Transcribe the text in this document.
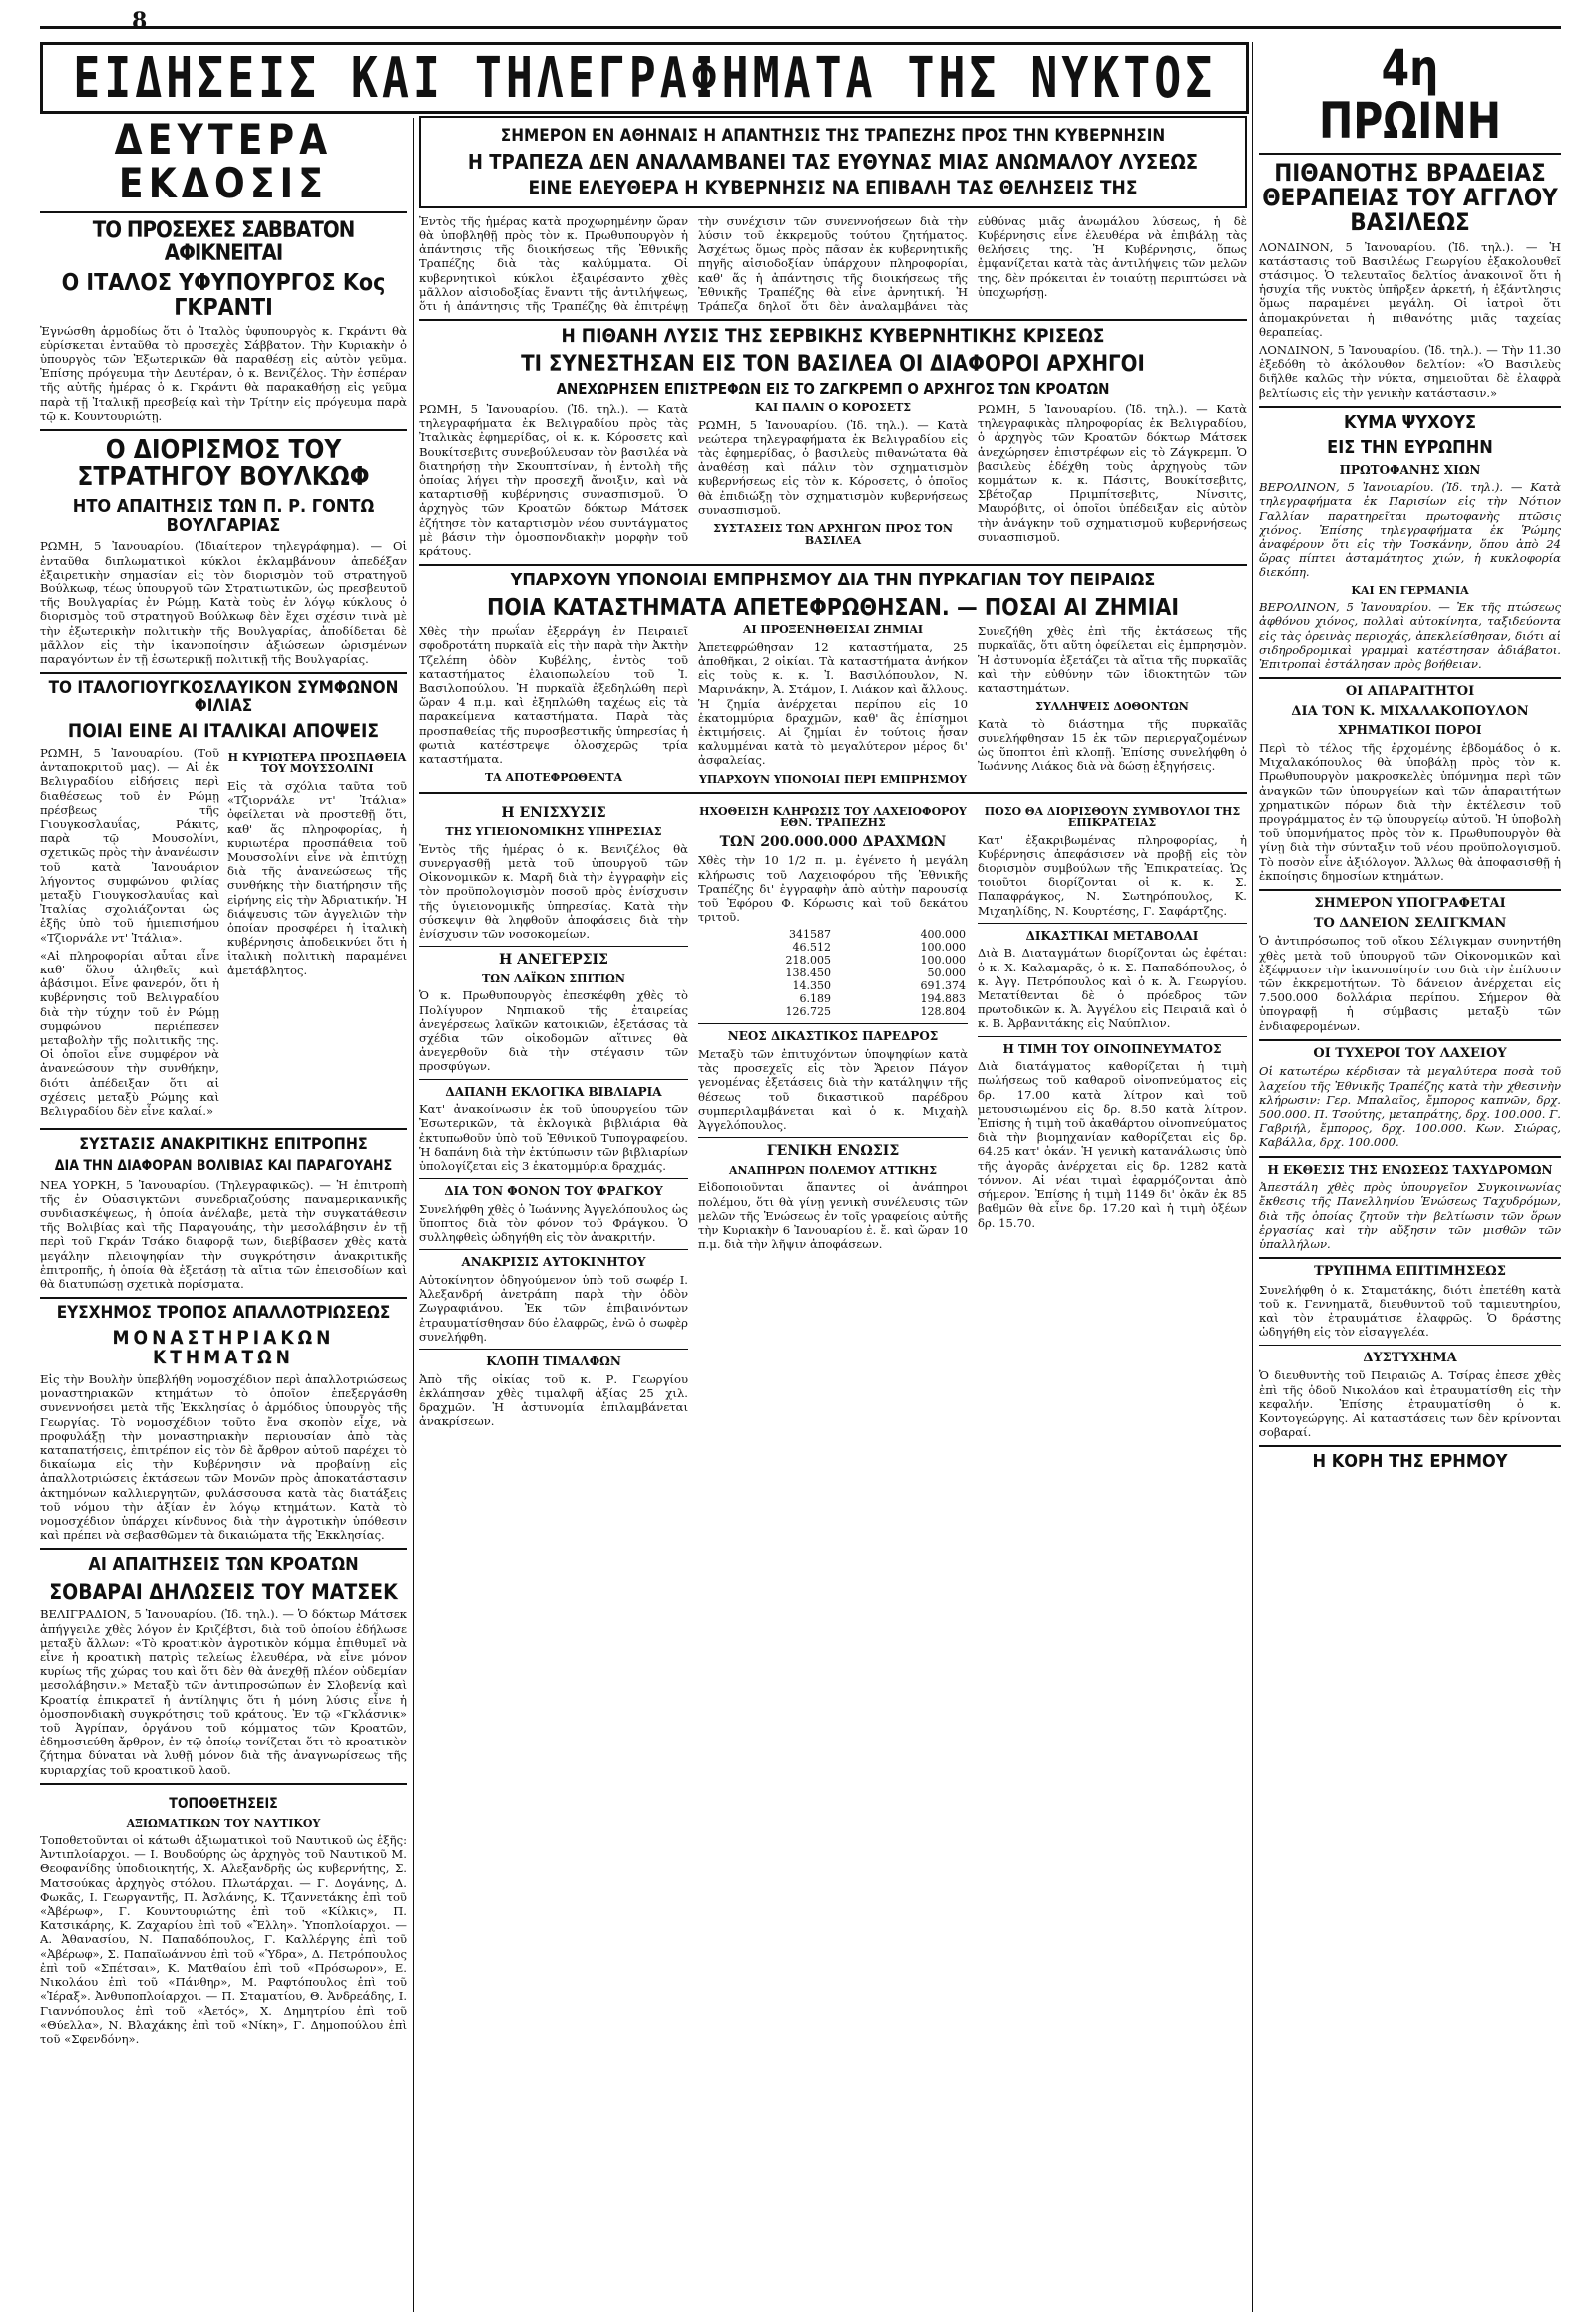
8
ΕΙΔΗΣΕΙΣ ΚΑΙ ΤΗΛΕΓΡΑΦΗΜΑΤΑ ΤΗΣ ΝΥΚΤΟΣ
ΔΕΥΤΕΡΑ ΕΚΔΟΣΙΣ
ΤΟ ΠΡΟΣΕΧΕΣ ΣΑΒΒΑΤΟΝ ΑΦΙΚΝΕΙΤΑΙ
Ο ΙΤΑΛΟΣ ΥΦΥΠΟΥΡΓΟΣ Κος ΓΚΡΑΝΤΙ

Ἐγνώσθη ἁρμοδίως ὅτι ὁ Ἰταλὸς ὑφυπουργὸς κ. Γκράντι θὰ εὑρίσκεται ἐνταῦθα τὸ προσεχὲς Σάββατον. Τὴν Κυριακὴν ὁ ὑπουργὸς τῶν Ἐξωτερικῶν θὰ παραθέσῃ εἰς αὐτὸν γεῦμα. Ἐπίσης πρόγευμα τὴν Δευτέραν, ὁ κ. Βενιζέλος. Τὴν ἑσπέραν τῆς αὐτῆς ἡμέρας ὁ κ. Γκράντι θὰ παρακαθήσῃ εἰς γεῦμα παρὰ τῇ Ἰταλικῇ πρεσβείᾳ καὶ τὴν Τρίτην εἰς πρόγευμα παρὰ τῷ κ. Κουντουριώτῃ.

Ο ΔΙΟΡΙΣΜΟΣ ΤΟΥ ΣΤΡΑΤΗΓΟΥ ΒΟΥΛΚΩΦ
ΗΤΟ ΑΠΑΙΤΗΣΙΣ ΤΩΝ Π. Ρ. ΓΟΝΤΩ ΒΟΥΛΓΑΡΙΑΣ

ΡΩΜΗ, 5 Ἰανουαρίου. (Ἰδιαίτερον τηλεγράφημα). — Οἱ ἐνταῦθα διπλωματικοὶ κύκλοι ἐκλαμβάνουν ἀπεδέξαν ἐξαιρετικὴν σημασίαν εἰς τὸν διορισμὸν τοῦ στρατηγοῦ Βούλκωφ, τέως ὑπουργοῦ τῶν Στρατιωτικῶν, ὡς πρεσβευτοῦ τῆς Βουλγαρίας ἐν Ρώμῃ. Κατὰ τοὺς ἐν λόγῳ κύκλους ὁ διορισμὸς τοῦ στρατηγοῦ Βούλκωφ δὲν ἔχει σχέσιν τινὰ μὲ τὴν ἐξωτερικὴν πολιτικὴν τῆς Βουλγαρίας, ἀποδίδεται δὲ μᾶλλον εἰς τὴν ἱκανοποίησιν ἀξιώσεων ὡρισμένων παραγόντων ἐν τῇ ἐσωτερικῇ πολιτικῇ τῆς Βουλγαρίας.

ΤΟ ΙΤΑΛΟΓΙΟΥΓΚΟΣΛΑΥΙΚΟΝ ΣΥΜΦΩΝΟΝ ΦΙΛΙΑΣ
ΠΟΙΑΙ ΕΙΝΕ ΑΙ ΙΤΑΛΙΚΑΙ ΑΠΟΨΕΙΣ

ΡΩΜΗ, 5 Ἰανουαρίου. (Τοῦ ἀνταποκριτοῦ μας). — Αἱ ἐκ Βελιγραδίου εἰδήσεις περὶ διαθέσεως τοῦ ἐν Ρώμῃ πρέσβεως τῆς Γιουγκοσλαυΐας, Ράκιτς, παρὰ τῷ Μουσολίνι, σχετικῶς πρὸς τὴν ἀνανέωσιν τοῦ κατὰ Ἰανουάριον λήγοντος συμφώνου φιλίας μεταξὺ Γιουγκοσλαυΐας καὶ Ἰταλίας σχολιάζονται ὡς ἑξῆς ὑπὸ τοῦ ἡμιεπισήμου «Τζιορνάλε ντ' Ἰτάλια».

«Αἱ πληροφορίαι αὗται εἶνε καθ' ὅλου ἀληθεῖς καὶ ἀβάσιμοι. Εἶνε φανερόν, ὅτι ἡ κυβέρνησις τοῦ Βελιγραδίου διὰ τὴν τύχην τοῦ ἐν Ρώμῃ συμφώνου περιέπεσεν μεταβολὴν τῆς πολιτικῆς της. Οἱ ὁποῖοι εἶνε συμφέρον νὰ ἀνανεώσουν τὴν συνθήκην, διότι ἀπέδειξαν ὅτι αἱ σχέσεις μεταξὺ Ρώμης καὶ Βελιγραδίου δὲν εἶνε καλαί.»

Η ΚΥΡΙΩΤΕΡΑ ΠΡΟΣΠΑΘΕΙΑ ΤΟΥ ΜΟΥΣΣΟΛΙΝΙ

Εἰς τὰ σχόλια ταῦτα τοῦ «Τζιορνάλε ντ' Ἰτάλια» ὀφείλεται νὰ προστεθῇ ὅτι, καθ' ἅς πληροφορίας, ἡ κυριωτέρα προσπάθεια τοῦ Μουσσολίνι εἶνε νὰ ἐπιτύχῃ διὰ τῆς ἀνανεώσεως τῆς συνθήκης τὴν διατήρησιν τῆς εἰρήνης εἰς τὴν Ἀδριατικήν. Ἡ διάψευσις τῶν ἀγγελιῶν τὴν ὁποίαν προσφέρει ἡ ἰταλικὴ κυβέρνησις ἀποδεικνύει ὅτι ἡ ἰταλικὴ πολιτικὴ παραμένει ἀμετάβλητος.

ΣΥΣΤΑΣΙΣ ΑΝΑΚΡΙΤΙΚΗΣ ΕΠΙΤΡΟΠΗΣ
ΔΙΑ ΤΗΝ ΔΙΑΦΟΡΑΝ ΒΟΛΙΒΙΑΣ ΚΑΙ ΠΑΡΑΓΟΥΑΗΣ

ΝΕΑ ΥΟΡΚΗ, 5 Ἰανουαρίου. (Τηλεγραφικῶς). — Ἡ ἐπιτροπὴ τῆς ἐν Οὐασιγκτῶνι συνεδριαζούσης παναμερικανικῆς συνδιασκέψεως, ἡ ὁποία ἀνέλαβε, μετὰ τὴν συγκατάθεσιν τῆς Βολιβίας καὶ τῆς Παραγουάης, τὴν μεσολάβησιν ἐν τῇ περὶ τοῦ Γκράν Τσάκο διαφορᾷ των, διεβίβασεν χθὲς κατὰ μεγάλην πλειοψηφίαν τὴν συγκρότησιν ἀνακριτικῆς ἐπιτροπῆς, ἡ ὁποία θὰ ἐξετάσῃ τὰ αἴτια τῶν ἐπεισοδίων καὶ θὰ διατυπώσῃ σχετικὰ πορίσματα.

ΕΥΣΧΗΜΟΣ ΤΡΟΠΟΣ ΑΠΑΛΛΟΤΡΙΩΣΕΩΣ
ΜΟΝΑΣΤΗΡΙΑΚΩΝ ΚΤΗΜΑΤΩΝ

Εἰς τὴν Βουλὴν ὑπεβλήθη νομοσχέδιον περὶ ἀπαλλοτριώσεως μοναστηριακῶν κτημάτων τὸ ὁποῖον ἐπεξεργάσθη συνεννοήσει μετὰ τῆς Ἐκκλησίας ὁ ἁρμόδιος ὑπουργὸς τῆς Γεωργίας. Τὸ νομοσχέδιον τοῦτο ἔνα σκοπὸν εἶχε, νὰ προφυλάξῃ τὴν μοναστηριακὴν περιουσίαν ἀπὸ τὰς καταπατήσεις, ἐπιτρέπον εἰς τὸν δὲ ἄρθρον αὐτοῦ παρέχει τὸ δικαίωμα εἰς τὴν Κυβέρνησιν νὰ προβαίνῃ εἰς ἀπαλλοτριώσεις ἐκτάσεων τῶν Μονῶν πρὸς ἀποκατάστασιν ἀκτημόνων καλλιεργητῶν, φυλάσσουσα κατὰ τὰς διατάξεις τοῦ νόμου τὴν ἀξίαν ἐν λόγῳ κτημάτων. Κατὰ τὸ νομοσχέδιον ὑπάρχει κίνδυνος διὰ τὴν ἀγροτικὴν ὑπόθεσιν καὶ πρέπει νὰ σεβασθῶμεν τὰ δικαιώματα τῆς Ἐκκλησίας.

ΑΙ ΑΠΑΙΤΗΣΕΙΣ ΤΩΝ ΚΡΟΑΤΩΝ
ΣΟΒΑΡΑΙ ΔΗΛΩΣΕΙΣ ΤΟΥ ΜΑΤΣΕΚ

ΒΕΛΙΓΡΑΔΙΟΝ, 5 Ἰανουαρίου. (Ἰδ. τηλ.). — Ὁ δόκτωρ Μάτσεκ ἀπήγγειλε χθὲς λόγον ἐν Κριζέβτσι, διὰ τοῦ ὁποίου ἐδήλωσε μεταξὺ ἄλλων: «Τὸ κροατικὸν ἀγροτικὸν κόμμα ἐπιθυμεῖ νὰ εἶνε ἡ κροατικὴ πατρὶς τελείως ἐλευθέρα, νὰ εἶνε μόνον κυρίως τῆς χώρας του καὶ ὅτι δὲν θὰ ἀνεχθῇ πλέον οὐδεμίαν μεσολάβησιν.» Μεταξὺ τῶν ἀντιπροσώπων ἐν Σλοβενίᾳ καὶ Κροατίᾳ ἐπικρατεῖ ἡ ἀντίληψις ὅτι ἡ μόνη λύσις εἶνε ἡ ὁμοσπονδιακὴ συγκρότησις τοῦ κράτους. Ἐν τῷ «Γκλάσνικ» τοῦ Ἀγρίπαν, ὀργάνου τοῦ κόμματος τῶν Κροατῶν, ἐδημοσιεύθη ἄρθρον, ἐν τῷ ὁποίῳ τονίζεται ὅτι τὸ κροατικὸν ζήτημα δύναται νὰ λυθῇ μόνον διὰ τῆς ἀναγνωρίσεως τῆς κυριαρχίας τοῦ κροατικοῦ λαοῦ.

ΤΟΠΟΘΕΤΗΣΕΙΣ
ΑΞΙΩΜΑΤΙΚΩΝ ΤΟΥ ΝΑΥΤΙΚΟΥ

Τοποθετοῦνται οἱ κάτωθι ἀξιωματικοὶ τοῦ Ναυτικοῦ ὡς ἑξῆς: Ἀντιπλοίαρχοι. — Ι. Βουδούρης ὡς ἀρχηγὸς τοῦ Ναυτικοῦ Μ. Θεοφανίδης ὑποδιοικητής, Χ. Αλεξανδρῆς ὡς κυβερνήτης, Σ. Ματσούκας ἀρχηγὸς στόλου. Πλωτάρχαι. — Γ. Δογάνης, Δ. Φωκᾶς, Ι. Γεωργαντῆς, Π. Ἀσλάνης, Κ. Τζαννετάκης ἐπὶ τοῦ «Ἀβέρωφ», Γ. Κουντουριώτης ἐπὶ τοῦ «Κίλκις», Π. Κατσικάρης, Κ. Ζαχαρίου ἐπὶ τοῦ «Ἔλλη». Ὑποπλοίαρχοι. — Α. Ἀθανασίου, Ν. Παπαδόπουλος, Γ. Καλλέργης ἐπὶ τοῦ «Ἀβέρωφ», Σ. Παπαϊωάννου ἐπὶ τοῦ «Ὑδρα», Δ. Πετρόπουλος ἐπὶ τοῦ «Σπέτσαι», Κ. Ματθαίου ἐπὶ τοῦ «Πρόσωρον», Ε. Νικολάου ἐπὶ τοῦ «Πάνθηρ», Μ. Ραφτόπουλος ἐπὶ τοῦ «Ἱέραξ». Ἀνθυποπλοίαρχοι. — Π. Σταματίου, Θ. Ἀνδρεάδης, Ι. Γιαννόπουλος ἐπὶ τοῦ «Ἀετός», Χ. Δημητρίου ἐπὶ τοῦ «Θύελλα», Ν. Βλαχάκης ἐπὶ τοῦ «Νίκη», Γ. Δημοπούλου ἐπὶ τοῦ «Σφενδόνη».

ΣΗΜΕΡΟΝ ΕΝ ΑΘΗΝΑΙΣ Η ΑΠΑΝΤΗΣΙΣ ΤΗΣ ΤΡΑΠΕΖΗΣ ΠΡΟΣ ΤΗΝ ΚΥΒΕΡΝΗΣΙΝ
Η ΤΡΑΠΕΖΑ ΔΕΝ ΑΝΑΛΑΜΒΑΝΕΙ ΤΑΣ ΕΥΘΥΝΑΣ ΜΙΑΣ ΑΝΩΜΑΛΟΥ ΛΥΣΕΩΣ
ΕΙΝΕ ΕΛΕΥΘΕΡΑ Η ΚΥΒΕΡΝΗΣΙΣ ΝΑ ΕΠΙΒΑΛΗ ΤΑΣ ΘΕΛΗΣΕΙΣ ΤΗΣ

Ἐντὸς τῆς ἡμέρας κατὰ προχωρημένην ὥραν θὰ ὑποβληθῇ πρὸς τὸν κ. Πρωθυπουργὸν ἡ ἀπάντησις τῆς διοικήσεως τῆς Ἐθνικῆς Τραπέζης διὰ τὰς καλύμματα. Οἱ κυβερνητικοὶ κύκλοι ἐξαιρέσαντο χθὲς μᾶλλον αἰσιοδοξίας ἔναντι τῆς ἀντιλήψεως, ὅτι ἡ ἀπάντησις τῆς Τραπέζης θὰ ἐπιτρέψῃ τὴν συνέχισιν τῶν συνεννοήσεων διὰ τὴν λύσιν τοῦ ἐκκρεμοῦς τούτου ζητήματος. Ἀσχέτως ὅμως πρὸς πᾶσαν ἐκ κυβερνητικῆς πηγῆς αἰσιοδοξίαν ὑπάρχουν πληροφορίαι, καθ' ἅς ἡ ἀπάντησις τῆς διοικήσεως τῆς Ἐθνικῆς Τραπέζης θὰ εἶνε ἀρνητική. Ἡ Τράπεζα δηλοῖ ὅτι δὲν ἀναλαμβάνει τὰς εὐθύνας μιᾶς ἀνωμάλου λύσεως, ἡ δὲ Κυβέρνησις εἶνε ἐλευθέρα νὰ ἐπιβάλῃ τὰς θελήσεις της. Ἡ Κυβέρνησις, ὅπως ἐμφανίζεται κατὰ τὰς ἀντιλήψεις τῶν μελῶν της, δὲν πρόκειται ἐν τοιαύτῃ περιπτώσει νὰ ὑποχωρήσῃ.

Η ΠΙΘΑΝΗ ΛΥΣΙΣ ΤΗΣ ΣΕΡΒΙΚΗΣ ΚΥΒΕΡΝΗΤΙΚΗΣ ΚΡΙΣΕΩΣ
ΤΙ ΣΥΝΕΣΤΗΣΑΝ ΕΙΣ ΤΟΝ ΒΑΣΙΛΕΑ ΟΙ ΔΙΑΦΟΡΟΙ ΑΡΧΗΓΟΙ
ΑΝΕΧΩΡΗΣΕΝ ΕΠΙΣΤΡΕΦΩΝ ΕΙΣ ΤΟ ΖΑΓΚΡΕΜΠ Ο ΑΡΧΗΓΟΣ ΤΩΝ ΚΡΟΑΤΩΝ

ΡΩΜΗ, 5 Ἰανουαρίου. (Ἰδ. τηλ.). — Κατὰ τηλεγραφήματα ἐκ Βελιγραδίου πρὸς τὰς Ἰταλικὰς ἐφημερίδας, οἱ κ. κ. Κόροσετς καὶ Βουκίτσεβιτς συνεβούλευσαν τὸν βασιλέα νὰ διατηρήσῃ τὴν Σκουπτσίναν, ἡ ἐντολὴ τῆς ὁποίας λήγει τὴν προσεχῆ ἄνοιξιν, καὶ νὰ καταρτισθῇ κυβέρνησις συνασπισμοῦ. Ὁ ἀρχηγὸς τῶν Κροατῶν δόκτωρ Μάτσεκ ἐζήτησε τὸν καταρτισμὸν νέου συντάγματος μὲ βάσιν τὴν ὁμοσπονδιακὴν μορφὴν τοῦ κράτους.

ΚΑΙ ΠΑΛΙΝ Ο ΚΟΡΟΣΕΤΣ

ΡΩΜΗ, 5 Ἰανουαρίου. (Ἰδ. τηλ.). — Κατὰ νεώτερα τηλεγραφήματα ἐκ Βελιγραδίου εἰς τὰς ἐφημερίδας, ὁ βασιλεὺς πιθανώτατα θὰ ἀναθέσῃ καὶ πάλιν τὸν σχηματισμὸν κυβερνήσεως εἰς τὸν κ. Κόροσετς, ὁ ὁποῖος θὰ ἐπιδιώξῃ τὸν σχηματισμὸν κυβερνήσεως συνασπισμοῦ.

ΣΥΣΤΑΣΕΙΣ ΤΩΝ ΑΡΧΗΓΩΝ ΠΡΟΣ ΤΟΝ ΒΑΣΙΛΕΑ

ΡΩΜΗ, 5 Ἰανουαρίου. (Ἰδ. τηλ.). — Κατὰ τηλεγραφικὰς πληροφορίας ἐκ Βελιγραδίου, ὁ ἀρχηγὸς τῶν Κροατῶν δόκτωρ Μάτσεκ ἀνεχώρησεν ἐπιστρέφων εἰς τὸ Ζάγκρεμπ. Ὁ βασιλεὺς ἐδέχθη τοὺς ἀρχηγοὺς τῶν κομμάτων κ. κ. Πάσιτς, Βουκίτσεβιτς, Σβέτοζαρ Πριμπίτσεβιτς, Νίνσιτς, Μαυρόβιτς, οἱ ὁποῖοι ὑπέδειξαν εἰς αὐτὸν τὴν ἀνάγκην τοῦ σχηματισμοῦ κυβερνήσεως συνασπισμοῦ.

ΥΠΑΡΧΟΥΝ ΥΠΟΝΟΙΑΙ ΕΜΠΡΗΣΜΟΥ ΔΙΑ ΤΗΝ ΠΥΡΚΑΓΙΑΝ ΤΟΥ ΠΕΙΡΑΙΩΣ
ΠΟΙΑ ΚΑΤΑΣΤΗΜΑΤΑ ΑΠΕΤΕΦΡΩΘΗΣΑΝ. — ΠΟΣΑΙ ΑΙ ΖΗΜΙΑΙ

Χθὲς τὴν πρωΐαν ἐξερράγη ἐν Πειραιεῖ σφοδροτάτη πυρκαϊὰ εἰς τὴν παρὰ τὴν Ἀκτὴν Τζελέπη ὁδὸν Κυβέλης, ἐντὸς τοῦ καταστήματος ἐλαιοπωλείου τοῦ Ἰ. Βασιλοπούλου. Ἡ πυρκαϊὰ ἐξεδηλώθη περὶ ὥραν 4 π.μ. καὶ ἐξηπλώθη ταχέως εἰς τὰ παρακείμενα καταστήματα. Παρὰ τὰς προσπαθείας τῆς πυροσβεστικῆς ὑπηρεσίας ἡ φωτιὰ κατέστρεψε ὁλοσχερῶς τρία καταστήματα.

ΤΑ ΑΠΟΤΕΦΡΩΘΕΝΤΑ
ΑΙ ΠΡΟΞΕΝΗΘΕΙΣΑΙ ΖΗΜΙΑΙ

Ἀπετεφρώθησαν 12 καταστήματα, 25 ἀποθῆκαι, 2 οἰκίαι. Τὰ καταστήματα ἀνήκον εἰς τοὺς κ. κ. Ἰ. Βασιλόπουλον, Ν. Μαρινάκην, Ἀ. Στάμον, Ι. Λιάκον καὶ ἄλλους. Ἡ ζημία ἀνέρχεται περίπου εἰς 10 ἑκατομμύρια δραχμῶν, καθ' ἃς ἐπίσημοι ἐκτιμήσεις. Αἱ ζημίαι ἐν τούτοις ἦσαν καλυμμέναι κατὰ τὸ μεγαλύτερον μέρος δι' ἀσφαλείας.

ΥΠΑΡΧΟΥΝ ΥΠΟΝΟΙΑΙ ΠΕΡΙ ΕΜΠΡΗΣΜΟΥ

Συνεζήθη χθὲς ἐπὶ τῆς ἐκτάσεως τῆς πυρκαϊᾶς, ὅτι αὕτη ὀφείλεται εἰς ἐμπρησμὸν. Ἡ ἀστυνομία ἐξετάζει τὰ αἴτια τῆς πυρκαϊᾶς καὶ τὴν εὐθύνην τῶν ἰδιοκτητῶν τῶν καταστημάτων.

ΣΥΛΛΗΨΕΙΣ ΔΟΘΟΝΤΩΝ

Κατὰ τὸ διάστημα τῆς πυρκαϊᾶς συνελήφθησαν 15 ἐκ τῶν περιεργαζομένων ὡς ὕποπτοι ἐπὶ κλοπῇ. Ἐπίσης συνελήφθη ὁ Ἰωάννης Λιάκος διὰ νὰ δώσῃ ἐξηγήσεις.

Η ΕΝΙΣΧΥΣΙΣ
ΤΗΣ ΥΓΙΕΙΟΝΟΜΙΚΗΣ ΥΠΗΡΕΣΙΑΣ

Ἐντὸς τῆς ἡμέρας ὁ κ. Βενιζέλος θὰ συνεργασθῇ μετὰ τοῦ ὑπουργοῦ τῶν Οἰκονομικῶν κ. Μαρῆ διὰ τὴν ἐγγραφὴν εἰς τὸν προϋπολογισμὸν ποσοῦ πρὸς ἐνίσχυσιν τῆς ὑγιειονομικῆς ὑπηρεσίας. Κατὰ τὴν σύσκεψιν θὰ ληφθοῦν ἀποφάσεις διὰ τὴν ἐνίσχυσιν τῶν νοσοκομείων.

Η ΑΝΕΓΕΡΣΙΣ
ΤΩΝ ΛΑΪΚΩΝ ΣΠΙΤΙΩΝ

Ὁ κ. Πρωθυπουργὸς ἐπεσκέφθη χθὲς τὸ Πολίγυρον Νηπιακοῦ τῆς ἐταιρείας ἀνεγέρσεως λαϊκῶν κατοικιῶν, ἐξετάσας τὰ σχέδια τῶν οἰκοδομῶν αἵτινες θὰ ἀνεγερθοῦν διὰ τὴν στέγασιν τῶν προσφύγων.

ΔΑΠΑΝΗ ΕΚΛΟΓΙΚΑ ΒΙΒΛΙΑΡΙΑ

Κατ' ἀνακοίνωσιν ἐκ τοῦ ὑπουργείου τῶν Ἐσωτερικῶν, τὰ ἐκλογικὰ βιβλιάρια θὰ ἐκτυπωθοῦν ὑπὸ τοῦ Ἐθνικοῦ Τυπογραφείου. Ἡ δαπάνη διὰ τὴν ἐκτύπωσιν τῶν βιβλιαρίων ὑπολογίζεται εἰς 3 ἑκατομμύρια δραχμάς.

ΔΙΑ ΤΟΝ ΦΟΝΟΝ ΤΟΥ ΦΡΑΓΚΟΥ

Συνελήφθη χθὲς ὁ Ἰωάννης Ἀγγελόπουλος ὡς ὕποπτος διὰ τὸν φόνον τοῦ Φράγκου. Ὁ συλληφθεὶς ὡδηγήθη εἰς τὸν ἀνακριτήν.

ΑΝΑΚΡΙΣΙΣ ΑΥΤΟΚΙΝΗΤΟΥ

Αὐτοκίνητον ὁδηγούμενον ὑπὸ τοῦ σωφέρ Ι. Ἀλεξανδρή ἀνετράπη παρὰ τὴν ὁδὸν Ζωγραφιάνου. Ἐκ τῶν ἐπιβαινόντων ἐτραυματίσθησαν δύο ἐλαφρῶς, ἐνῶ ὁ σωφὲρ συνελήφθη.

ΚΛΟΠΗ ΤΙΜΑΛΦΩΝ

Ἀπὸ τῆς οἰκίας τοῦ κ. Ρ. Γεωργίου ἐκλάπησαν χθὲς τιμαλφῆ ἀξίας 25 χιλ. δραχμῶν. Ἡ ἀστυνομία ἐπιλαμβάνεται ἀνακρίσεων.

ΗΧΟΘΕΙΣΗ ΚΛΗΡΩΣΙΣ ΤΟΥ ΛΑΧΕΙΟΦΟΡΟΥ ΕΘΝ. ΤΡΑΠΕΖΗΣ
ΤΩΝ 200.000.000 ΔΡΑΧΜΩΝ

Χθὲς τὴν 10 1/2 π. μ. ἐγένετο ἡ μεγάλη κλήρωσις τοῦ Λαχειοφόρου τῆς Ἐθνικῆς Τραπέζης δι' ἐγγραφὴν ἀπὸ αὐτὴν παρουσίᾳ τοῦ Ἐφόρου Φ. Κόρωσις καὶ τοῦ δεκάτου τριτοῦ.

341587	400.000
46.512	100.000
218.005	100.000
138.450	50.000
14.350	691.374
6.189	194.883
126.725	128.804
ΝΕΟΣ ΔΙΚΑΣΤΙΚΟΣ ΠΑΡΕΔΡΟΣ

Μεταξὺ τῶν ἐπιτυχόντων ὑποψηφίων κατὰ τὰς προσεχεῖς εἰς τὸν Ἄρειον Πάγον γενομένας ἐξετάσεις διὰ τὴν κατάληψιν τῆς θέσεως τοῦ δικαστικοῦ παρέδρου συμπεριλαμβάνεται καὶ ὁ κ. Μιχαὴλ Ἀγγελόπουλος.

ΓΕΝΙΚΗ ΕΝΩΣΙΣ
ΑΝΑΠΗΡΩΝ ΠΟΛΕΜΟΥ ΑΤΤΙΚΗΣ

Εἰδοποιοῦνται ἅπαντες οἱ ἀνάπηροι πολέμου, ὅτι θὰ γίνῃ γενικὴ συνέλευσις τῶν μελῶν τῆς Ἑνώσεως ἐν τοῖς γραφείοις αὐτῆς τὴν Κυριακὴν 6 Ἰανουαρίου ἐ. ἔ. καὶ ὥραν 10 π.μ. διὰ τὴν λῆψιν ἀποφάσεων.

ΠΟΣΟ ΘΑ ΔΙΟΡΙΣΘΟΥΝ ΣΥΜΒΟΥΛΟΙ ΤΗΣ ΕΠΙΚΡΑΤΕΙΑΣ

Κατ' ἐξακριβωμένας πληροφορίας, ἡ Κυβέρνησις ἀπεφάσισεν νὰ προβῇ εἰς τὸν διορισμὸν συμβούλων τῆς Ἐπικρατείας. Ὡς τοιοῦτοι διορίζονται οἱ κ. κ. Σ. Παπαφράγκος, Ν. Σωτηρόπουλος, Κ. Μιχαηλίδης, Ν. Κουρτέσης, Γ. Σαφάρτζης.

ΔΙΚΑΣΤΙΚΑΙ ΜΕΤΑΒΟΛΑΙ

Διὰ Β. Διαταγμάτων διορίζονται ὡς ἐφέται: ὁ κ. Χ. Καλαμαρᾶς, ὁ κ. Σ. Παπαδόπουλος, ὁ κ. Ἀγγ. Πετρόπουλος καὶ ὁ κ. Ἀ. Γεωργίου. Μετατίθενται δὲ ὁ πρόεδρος τῶν πρωτοδικῶν κ. Ἀ. Ἀγγέλου εἰς Πειραιᾶ καὶ ὁ κ. Β. Ἀρβανιτάκης εἰς Ναύπλιον.

Η ΤΙΜΗ ΤΟΥ ΟΙΝΟΠΝΕΥΜΑΤΟΣ

Διὰ διατάγματος καθορίζεται ἡ τιμὴ πωλήσεως τοῦ καθαροῦ οἰνοπνεύματος εἰς δρ. 17.00 κατὰ λίτρον καὶ τοῦ μετουσιωμένου εἰς δρ. 8.50 κατὰ λίτρον. Ἐπίσης ἡ τιμὴ τοῦ ἀκαθάρτου οἰνοπνεύματος διὰ τὴν βιομηχανίαν καθορίζεται εἰς δρ. 64.25 κατ' ὀκάν. Ἡ γενικὴ κατανάλωσις ὑπὸ τῆς ἀγορᾶς ἀνέρχεται εἰς δρ. 1282 κατὰ τόννον. Αἱ νέαι τιμαὶ ἐφαρμόζονται ἀπὸ σήμερον. Ἐπίσης ἡ τιμὴ 1149 δι' ὀκᾶν ἐκ 85 βαθμῶν θὰ εἶνε δρ. 17.20 καὶ ἡ τιμὴ ὀξέων δρ. 15.70.

4η ΠΡΩΙΝΗ
ΠΙΘΑΝΟΤΗΣ ΒΡΑΔΕΙΑΣ ΘΕΡΑΠΕΙΑΣ ΤΟΥ ΑΓΓΛΟΥ ΒΑΣΙΛΕΩΣ

ΛΟΝΔΙΝΟΝ, 5 Ἰανουαρίου. (Ἰδ. τηλ.). — Ἡ κατάστασις τοῦ Βασιλέως Γεωργίου ἐξακολουθεῖ στάσιμος. Ὁ τελευταῖος δελτίος ἀνακοινοῖ ὅτι ἡ ἡσυχία τῆς νυκτὸς ὑπῆρξεν ἀρκετή, ἡ ἐξάντλησις ὅμως παραμένει μεγάλη. Οἱ ἰατροὶ ὅτι ἀπομακρύνεται ἡ πιθανότης μιᾶς ταχείας θεραπείας.

ΛΟΝΔΙΝΟΝ, 5 Ἰανουαρίου. (Ἰδ. τηλ.). — Τὴν 11.30 ἐξεδόθη τὸ ἀκόλουθον δελτίον: «Ὁ Βασιλεὺς διῆλθε καλῶς τὴν νύκτα, σημειοῦται δὲ ἐλαφρὰ βελτίωσις εἰς τὴν γενικὴν κατάστασιν.»

ΚΥΜΑ ΨΥΧΟΥΣ
ΕΙΣ ΤΗΝ ΕΥΡΩΠΗΝ
ΠΡΩΤΟΦΑΝΗΣ ΧΙΩΝ

ΒΕΡΟΛΙΝΟΝ, 5 Ἰανουαρίου. (Ἰδ. τηλ.). — Κατὰ τηλεγραφήματα ἐκ Παρισίων εἰς τὴν Νότιον Γαλλίαν παρατηρεῖται πρωτοφανὴς πτῶσις χιόνος. Ἐπίσης τηλεγραφήματα ἐκ Ῥώμης ἀναφέρουν ὅτι εἰς τὴν Τοσκάνην, ὅπου ἀπὸ 24 ὥρας πίπτει ἀσταμάτητος χιών, ἡ κυκλοφορία διεκόπη.

ΚΑΙ ΕΝ ΓΕΡΜΑΝΙΑ

ΒΕΡΟΛΙΝΟΝ, 5 Ἰανουαρίου. — Ἐκ τῆς πτώσεως ἀφθόνου χιόνος, πολλαὶ αὐτοκίνητα, ταξιδεύοντα εἰς τὰς ὁρεινὰς περιοχάς, ἀπεκλείσθησαν, διότι αἱ σιδηροδρομικαὶ γραμμαὶ κατέστησαν ἀδιάβατοι. Ἐπιτροπαὶ ἐστάλησαν πρὸς βοήθειαν.

ΟΙ ΑΠΑΡΑΙΤΗΤΟΙ
ΔΙΑ ΤΟΝ Κ. ΜΙΧΑΛΑΚΟΠΟΥΛΟΝ
ΧΡΗΜΑΤΙΚΟΙ ΠΟΡΟΙ

Περὶ τὸ τέλος τῆς ἐρχομένης ἑβδομάδος ὁ κ. Μιχαλακόπουλος θὰ ὑποβάλῃ πρὸς τὸν κ. Πρωθυπουργὸν μακροσκελὲς ὑπόμνημα περὶ τῶν ἀναγκῶν τῶν ὑπουργείων καὶ τῶν ἀπαραιτήτων χρηματικῶν πόρων διὰ τὴν ἐκτέλεσιν τοῦ προγράμματος ἐν τῷ ὑπουργείῳ αὐτοῦ. Ἡ ὑποβολὴ τοῦ ὑπομνήματος πρὸς τὸν κ. Πρωθυπουργὸν θὰ γίνῃ διὰ τὴν σύνταξιν τοῦ νέου προϋπολογισμοῦ. Τὸ ποσὸν εἶνε ἀξιόλογον. Ἄλλως θὰ ἀποφασισθῇ ἡ ἐκποίησις δημοσίων κτημάτων.

ΣΗΜΕΡΟΝ ΥΠΟΓΡΑΦΕΤΑΙ
ΤΟ ΔΑΝΕΙΟΝ ΣΕΛΙΓΚΜΑΝ

Ὁ ἀντιπρόσωπος τοῦ οἴκου Σέλιγκμαν συνηντήθη χθὲς μετὰ τοῦ ὑπουργοῦ τῶν Οἰκονομικῶν καὶ ἐξέφρασεν τὴν ἰκανοποίησίν του διὰ τὴν ἐπίλυσιν τῶν ἐκκρεμοτήτων. Τὸ δάνειον ἀνέρχεται εἰς 7.500.000 δολλάρια περίπου. Σήμερον θὰ ὑπογραφῇ ἡ σύμβασις μεταξὺ τῶν ἐνδιαφερομένων.

ΟΙ ΤΥΧΕΡΟΙ ΤΟΥ ΛΑΧΕΙΟΥ

Οἱ κατωτέρω κέρδισαν τὰ μεγαλύτερα ποσὰ τοῦ λαχείου τῆς Ἐθνικῆς Τραπέζης κατὰ τὴν χθεσινὴν κλήρωσιν: Γερ. Μπαλαῖος, ἔμπορος καπνῶν, δρχ. 500.000. Π. Τσούτης, μεταπράτης, δρχ. 100.000. Γ. Γαβριήλ, ἔμπορος, δρχ. 100.000. Κων. Σιώρας, Καβάλλα, δρχ. 100.000.

Η ΕΚΘΕΣΙΣ ΤΗΣ ΕΝΩΣΕΩΣ ΤΑΧΥΔΡΟΜΩΝ

Ἀπεστάλη χθὲς πρὸς ὑπουργεῖον Συγκοινωνίας ἔκθεσις τῆς Πανελληνίου Ἑνώσεως Ταχυδρόμων, διὰ τῆς ὁποίας ζητοῦν τὴν βελτίωσιν τῶν ὅρων ἐργασίας καὶ τὴν αὔξησιν τῶν μισθῶν τῶν ὑπαλλήλων.

ΤΡΥΠΗΜΑ ΕΠΙΤΙΜΗΣΕΩΣ

Συνελήφθη ὁ κ. Σταματάκης, διότι ἐπετέθη κατὰ τοῦ κ. Γεννηματᾶ, διευθυντοῦ τοῦ ταμιευτηρίου, καὶ τὸν ἐτραυμάτισε ἐλαφρῶς. Ὁ δράστης ὡδηγήθη εἰς τὸν εἰσαγγελέα.

ΔΥΣΤΥΧΗΜΑ

Ὁ διευθυντὴς τοῦ Πειραιῶς Α. Τσίρας ἐπεσε χθὲς ἐπὶ τῆς ὁδοῦ Νικολάου καὶ ἐτραυματίσθη εἰς τὴν κεφαλήν. Ἐπίσης ἐτραυματίσθη ὁ κ. Κοντογεώργης. Αἱ καταστάσεις των δὲν κρίνονται σοβαραί.

Η ΚΟΡΗ ΤΗΣ ΕΡΗΜΟΥ
